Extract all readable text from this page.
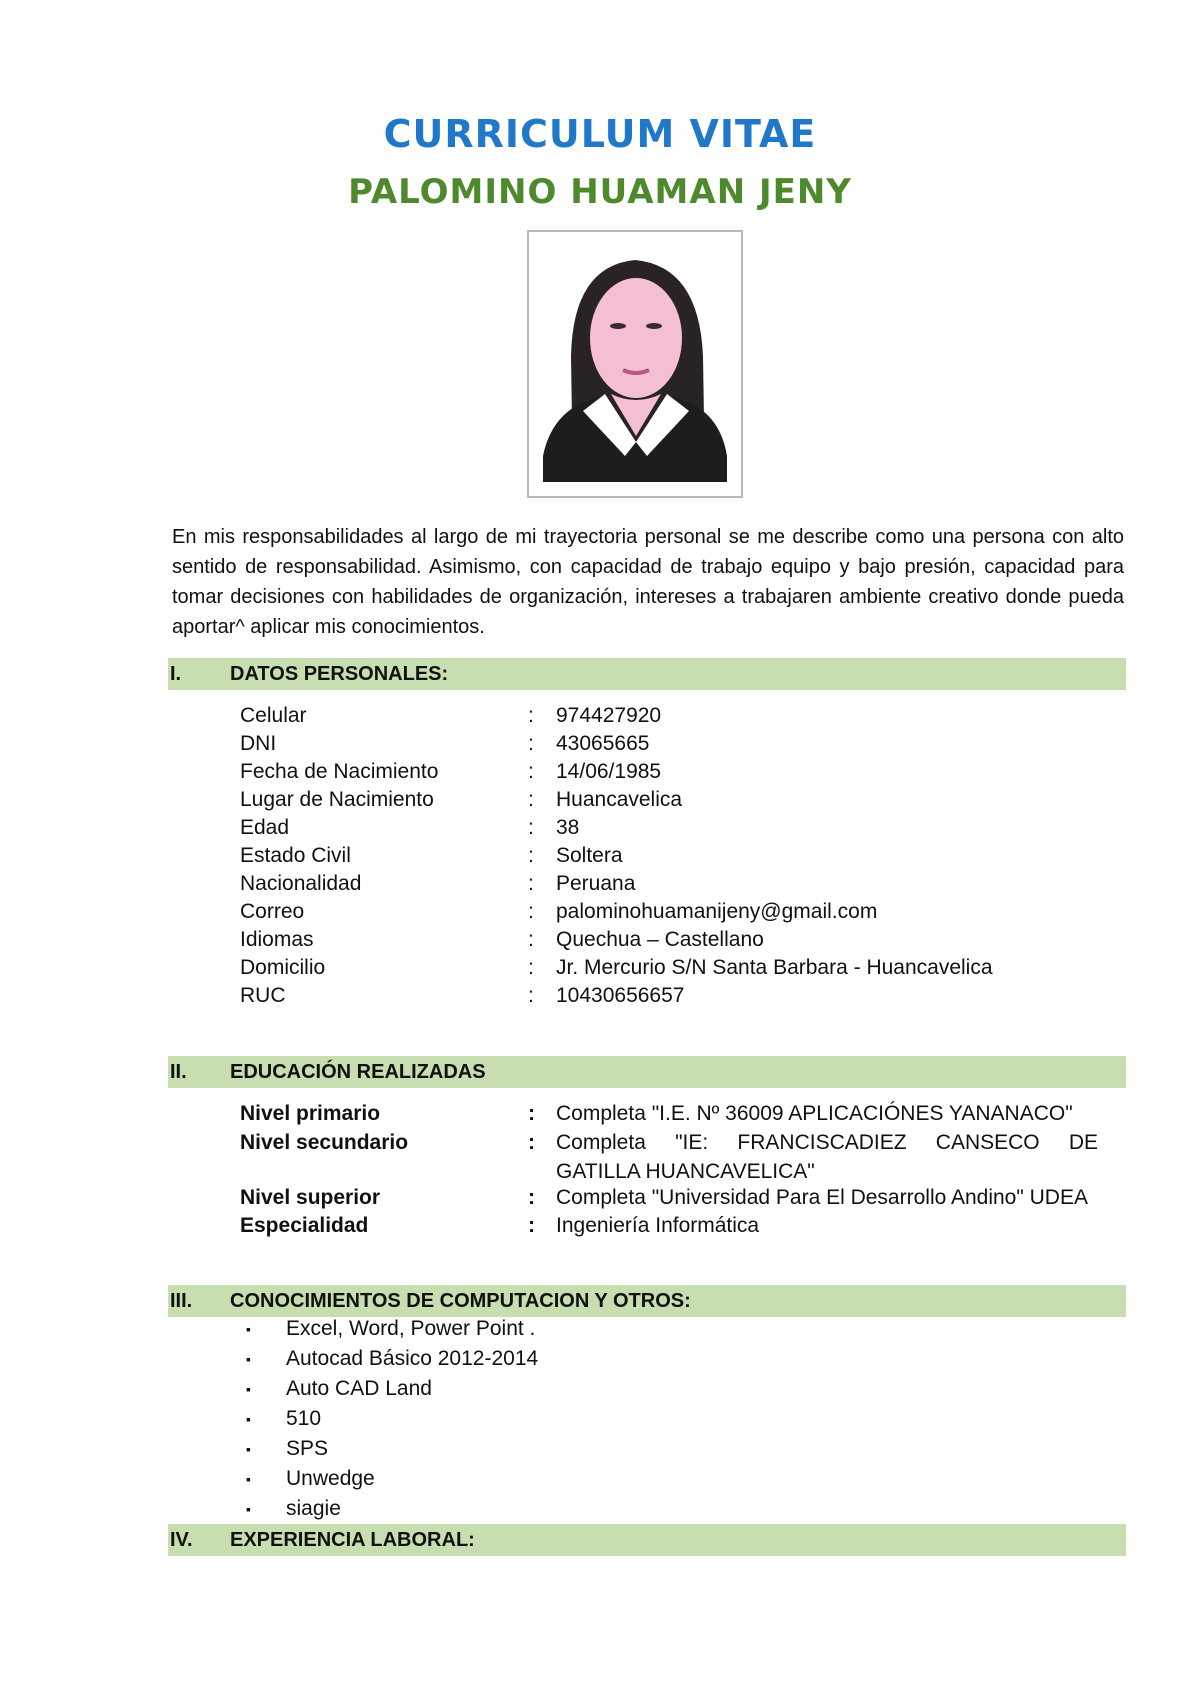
CURRICULUM VITAE
PALOMINO HUAMAN JENY
En mis responsabilidades al largo de mi trayectoria personal se me describe como una persona con alto sentido de responsabilidad. Asimismo, con capacidad de trabajo equipo y bajo presión, capacidad para tomar decisiones con habilidades de organización, intereses a trabajaren ambiente creativo donde pueda aportar^ aplicar mis conocimientos.
I. DATOS PERSONALES:
Celular	: 974427920
DNI	: 43065665
Fecha de Nacimiento	: 14/06/1985
Lugar de Nacimiento	: Huancavelica
Edad	: 38
Estado Civil	: Soltera
Nacionalidad	: Peruana
Correo	: palominohuamanijeny@gmail.com
Idiomas	: Quechua – Castellano
Domicilio	: Jr. Mercurio S/N Santa Barbara - Huancavelica
RUC	: 10430656657
II. EDUCACIÓN REALIZADAS
Nivel primario	: Completa "I.E. Nº 36009 APLICACIÓNES YANANACO"
Nivel secundario	: Completa "IE: FRANCISCADIEZ CANSECO DE
GATILLA HUANCAVELICA"
Nivel superior	: Completa "Universidad Para El Desarrollo Andino" UDEA
Especialidad	: Ingeniería Informática
III. CONOCIMIENTOS DE COMPUTACION Y OTROS:
▪ Excel, Word, Power Point .
▪ Autocad Básico 2012-2014
▪ Auto CAD Land
▪ 510
▪ SPS
▪ Unwedge
▪ siagie
IV. EXPERIENCIA LABORAL:
